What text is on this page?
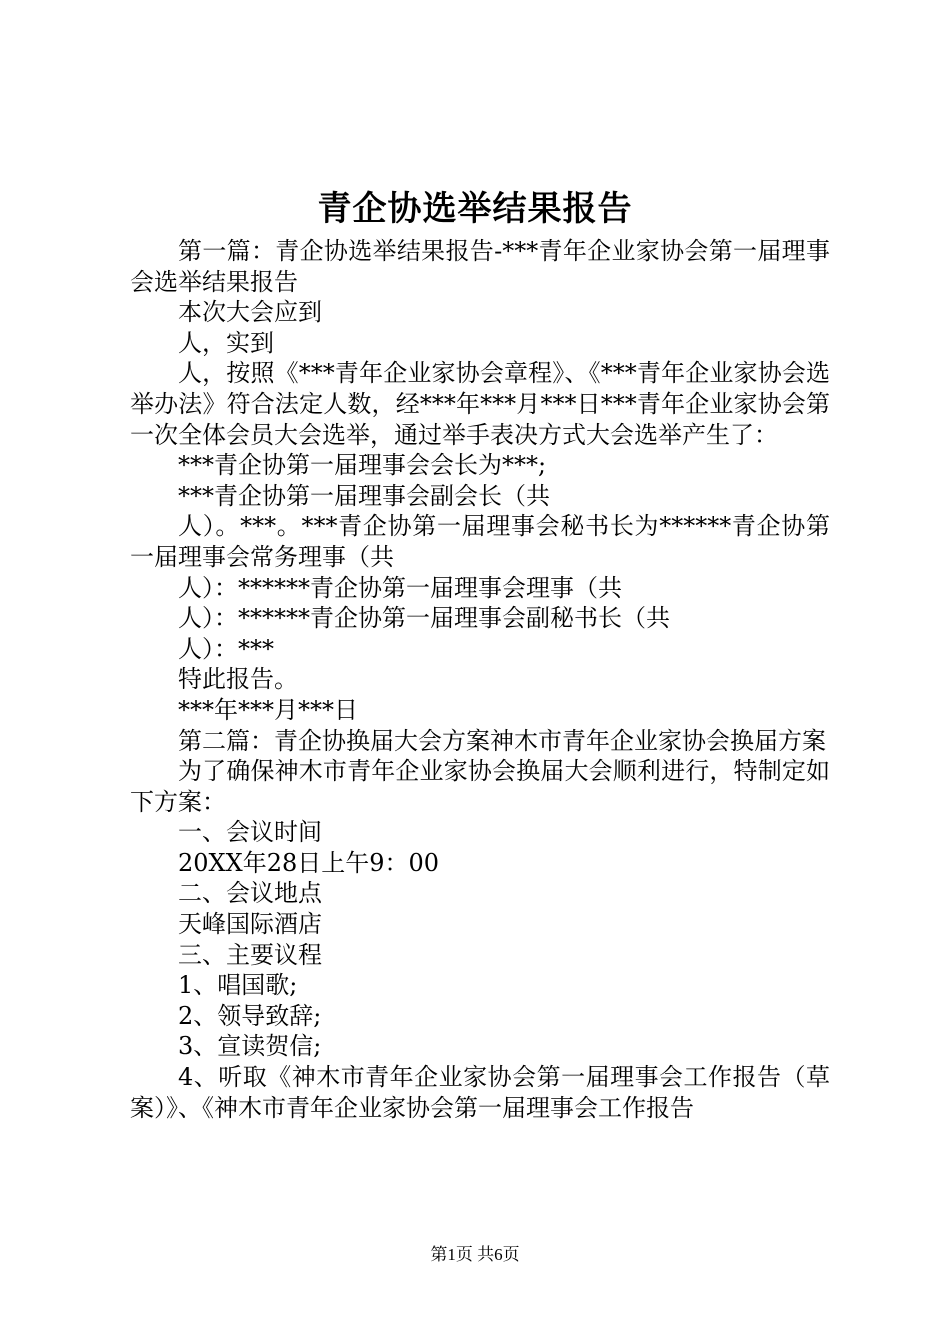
青企协选举结果报告

第一篇：青企协选举结果报告-***青年企业家协会第一届理事会选举结果报告

本次大会应到

人，实到

人，按照《***青年企业家协会章程》、《***青年企业家协会选举办法》符合法定人数，经***年***月***日***青年企业家协会第一次全体会员大会选举，通过举手表决方式大会选举产生了：

***青企协第一届理事会会长为***;

***青企协第一届理事会副会长（共

人）。***。***青企协第一届理事会秘书长为******青企协第一届理事会常务理事（共

人）：******青企协第一届理事会理事（共

人）：******青企协第一届理事会副秘书长（共

人）：***

特此报告。

***年***月***日

第二篇：青企协换届大会方案神木市青年企业家协会换届方案

为了确保神木市青年企业家协会换届大会顺利进行，特制定如下方案：

一、会议时间

20XX年28日上午9：00

二、会议地点

天峰国际酒店

三、主要议程

1、唱国歌;

2、领导致辞;

3、宣读贺信;

4、听取《神木市青年企业家协会第一届理事会工作报告（草案）》、《神木市青年企业家协会第一届理事会工作报告

第1页 共6页
